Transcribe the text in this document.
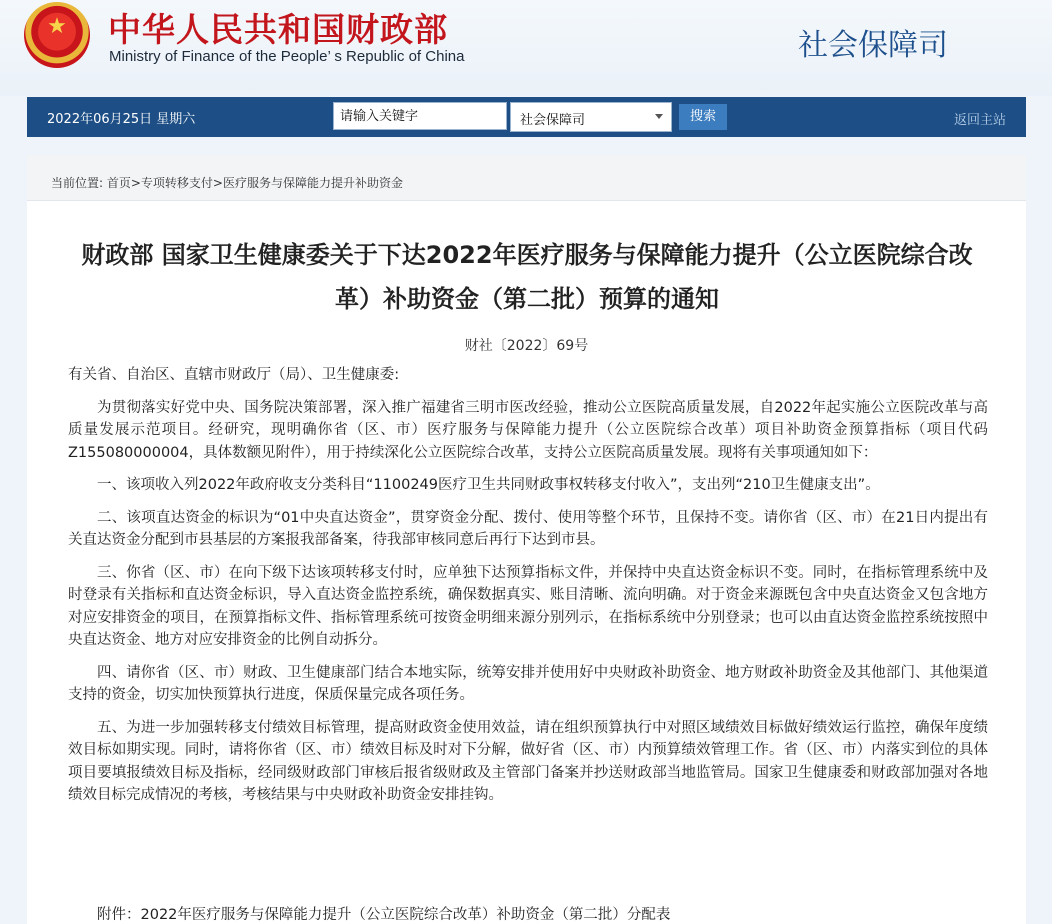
★	中华人民共和国财政部
Ministry of Finance of the People’ s Republic of China	社会保障司
2022年06月25日 星期六
请输入关键字	社会保障司	搜索	返回主站
当前位置: 首页>专项转移支付>医疗服务与保障能力提升补助资金
财政部 国家卫生健康委关于下达2022年医疗服务与保障能力提升（公立医院综合改革）补助资金（第二批）预算的通知
财社〔2022〕69号

有关省、自治区、直辖市财政厅（局）、卫生健康委:

为贯彻落实好党中央、国务院决策部署，深入推广福建省三明市医改经验，推动公立医院高质量发展，自2022年起实施公立医院改革与高质量发展示范项目。经研究，现明确你省（区、市）医疗服务与保障能力提升（公立医院综合改革）项目补助资金预算指标（项目代码Z155080000004，具体数额见附件），用于持续深化公立医院综合改革，支持公立医院高质量发展。现将有关事项通知如下：

一、该项收入列2022年政府收支分类科目“1100249医疗卫生共同财政事权转移支付收入”，支出列“210卫生健康支出”。

二、该项直达资金的标识为“01中央直达资金”，贯穿资金分配、拨付、使用等整个环节，且保持不变。请你省（区、市）在21日内提出有关直达资金分配到市县基层的方案报我部备案，待我部审核同意后再行下达到市县。

三、你省（区、市）在向下级下达该项转移支付时，应单独下达预算指标文件，并保持中央直达资金标识不变。同时，在指标管理系统中及时登录有关指标和直达资金标识，导入直达资金监控系统，确保数据真实、账目清晰、流向明确。对于资金来源既包含中央直达资金又包含地方对应安排资金的项目，在预算指标文件、指标管理系统可按资金明细来源分别列示，在指标系统中分别登录；也可以由直达资金监控系统按照中央直达资金、地方对应安排资金的比例自动拆分。

四、请你省（区、市）财政、卫生健康部门结合本地实际，统筹安排并使用好中央财政补助资金、地方财政补助资金及其他部门、其他渠道支持的资金，切实加快预算执行进度，保质保量完成各项任务。

五、为进一步加强转移支付绩效目标管理，提高财政资金使用效益，请在组织预算执行中对照区域绩效目标做好绩效运行监控，确保年度绩效目标如期实现。同时，请将你省（区、市）绩效目标及时对下分解，做好省（区、市）内预算绩效管理工作。省（区、市）内落实到位的具体项目要填报绩效目标及指标，经同级财政部门审核后报省级财政及主管部门备案并抄送财政部当地监管局。国家卫生健康委和财政部加强对各地绩效目标完成情况的考核，考核结果与中央财政补助资金安排挂钩。

附件：2022年医疗服务与保障能力提升（公立医院综合改革）补助资金（第二批）分配表
